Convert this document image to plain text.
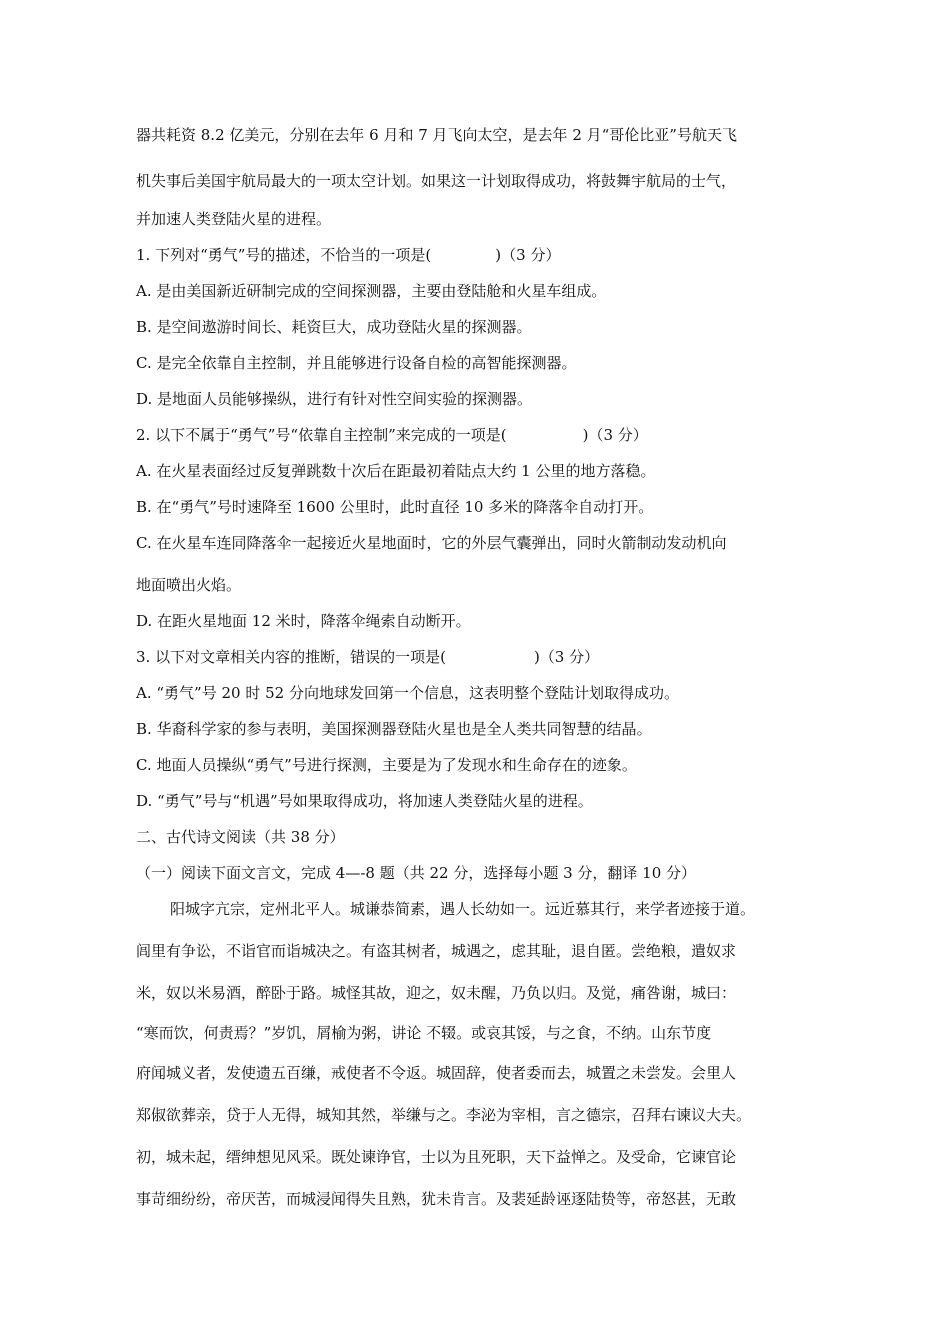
器共耗资 8.2 亿美元，分别在去年 6 月和 7 月飞向太空，是去年 2 月“哥伦比亚”号航天飞
机失事后美国宇航局最大的一项太空计划。如果这一计划取得成功，将鼓舞宇航局的士气，
并加速人类登陆火星的进程。
1. 下列对“勇气”号的描述，不恰当的一项是(	)（3 分）
A. 是由美国新近研制完成的空间探测器，主要由登陆舱和火星车组成。
B. 是空间遨游时间长、耗资巨大，成功登陆火星的探测器。
C. 是完全依靠自主控制，并且能够进行设备自检的高智能探测器。
D. 是地面人员能够操纵，进行有针对性空间实验的探测器。
2. 以下不属于“勇气”号“依靠自主控制”来完成的一项是(	)（3 分）
A. 在火星表面经过反复弹跳数十次后在距最初着陆点大约 1 公里的地方落稳。
B. 在“勇气”号时速降至 1600 公里时，此时直径 10 多米的降落伞自动打开。
C. 在火星车连同降落伞一起接近火星地面时，它的外层气囊弹出，同时火箭制动发动机向
地面喷出火焰。
D. 在距火星地面 12 米时，降落伞绳索自动断开。
3. 以下对文章相关内容的推断，错误的一项是(	)（3 分）
A. “勇气”号 20 时 52 分向地球发回第一个信息，这表明整个登陆计划取得成功。
B. 华裔科学家的参与表明，美国探测器登陆火星也是全人类共同智慧的结晶。
C. 地面人员操纵“勇气”号进行探测，主要是为了发现水和生命存在的迹象。
D. “勇气”号与“机遇”号如果取得成功，将加速人类登陆火星的进程。
二、古代诗文阅读（共 38 分）
（一）阅读下面文言文，完成 4—-8 题（共 22 分，选择每小题 3 分，翻译 10 分）
阳城字亢宗，定州北平人。城谦恭简素，遇人长幼如一。远近慕其行，来学者迹接于道。
闾里有争讼，不诣官而诣城决之。有盗其树者，城遇之，虑其耻，退自匿。尝绝粮，遣奴求
米，奴以米易酒，醉卧于路。城怪其故，迎之，奴未醒，乃负以归。及觉，痛咎谢，城曰：
“寒而饮，何责焉？”岁饥，屑榆为粥，讲论 不辍。或哀其馁，与之食，不纳。山东节度
府闻城义者，发使遗五百缣，戒使者不令返。城固辞，使者委而去，城置之未尝发。会里人
郑俶欲葬亲，贷于人无得，城知其然，举缣与之。李泌为宰相，言之德宗，召拜右谏议大夫。
初，城未起，缙绅想见风采。既处谏诤官，士以为且死职，天下益惮之。及受命，它谏官论
事苛细纷纷，帝厌苦，而城浸闻得失且熟，犹未肯言。及裴延龄诬逐陆贽等，帝怒甚，无敢
